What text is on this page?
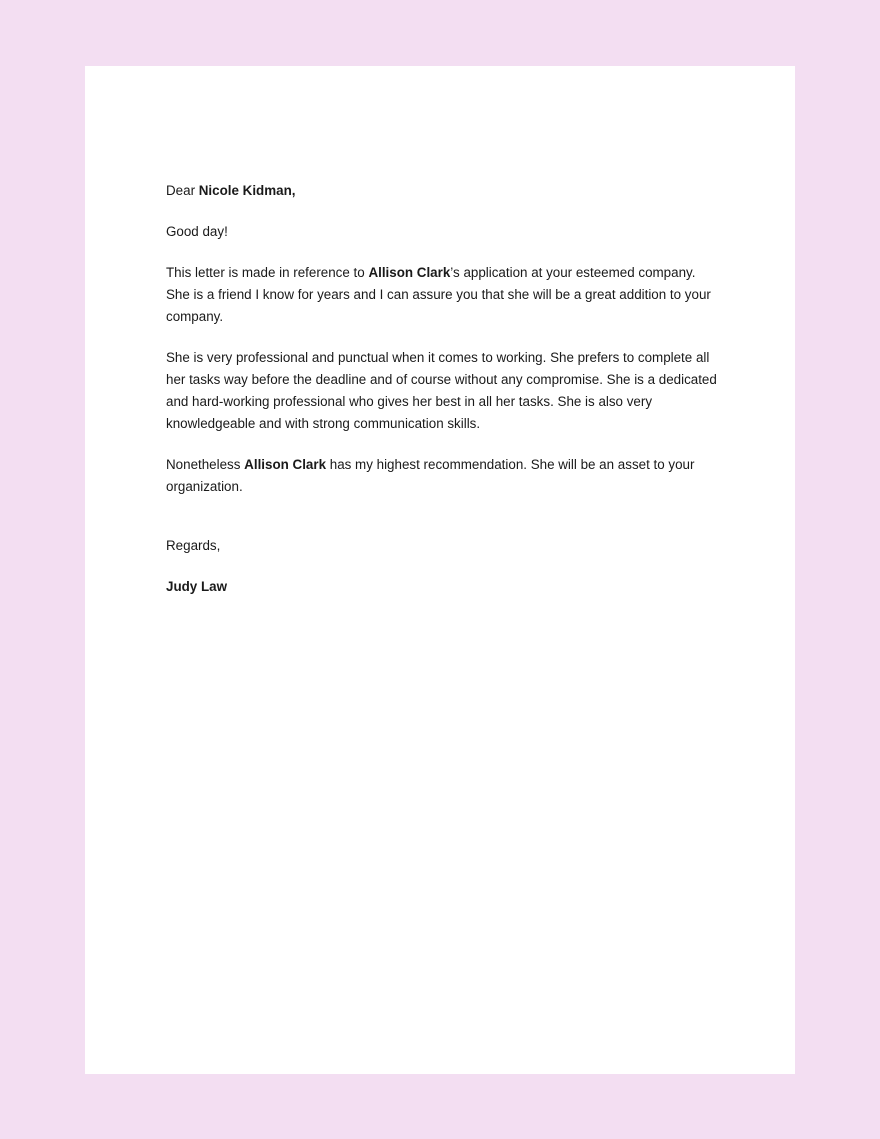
Dear Nicole Kidman,

Good day!

This letter is made in reference to Allison Clark’s application at your esteemed company. She is a friend I know for years and I can assure you that she will be a great addition to your company.

She is very professional and punctual when it comes to working. She prefers to complete all her tasks way before the deadline and of course without any compromise. She is a dedicated and hard-working professional who gives her best in all her tasks. She is also very knowledgeable and with strong communication skills.

Nonetheless Allison Clark has my highest recommendation. She will be an asset to your organization.

Regards,

Judy Law
